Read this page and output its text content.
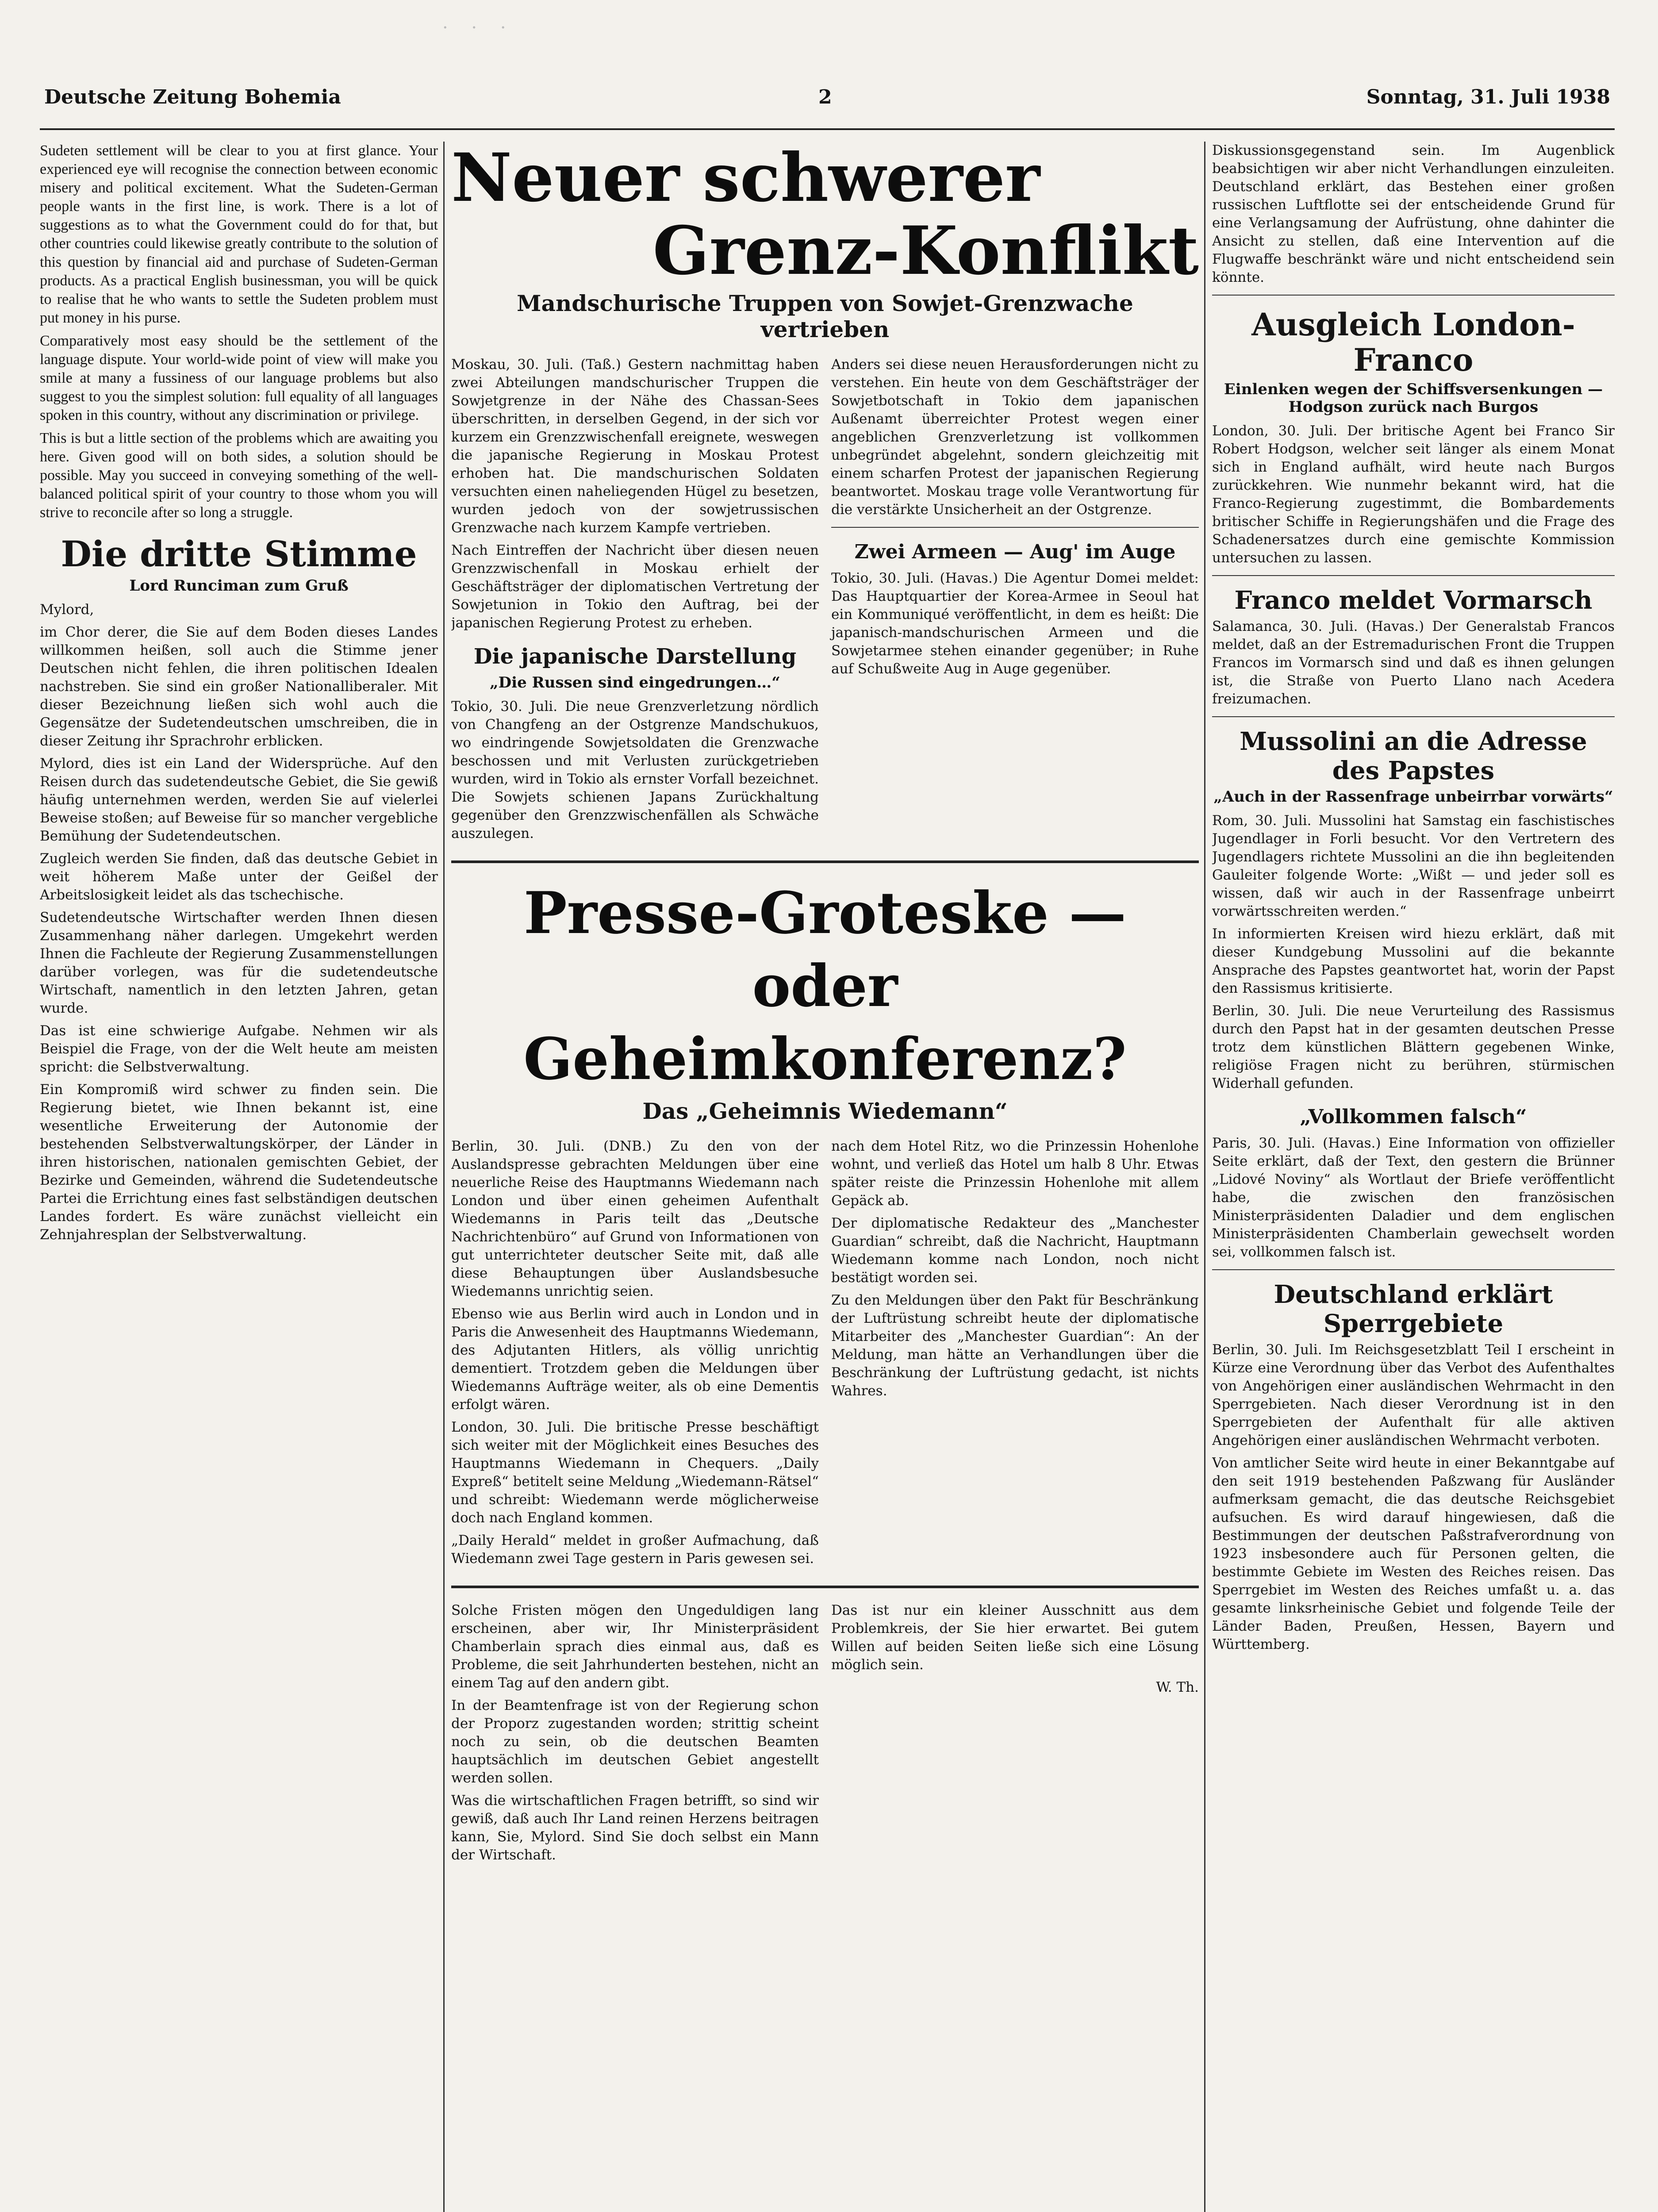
· · ·
Deutsche Zeitung Bohemia	2	Sonntag, 31. Juli 1938

Sudeten settlement will be clear to you at first glance. Your experienced eye will recognise the connection between economic misery and political excitement. What the Sudeten-German people wants in the first line, is work. There is a lot of suggestions as to what the Government could do for that, but other countries could likewise greatly contribute to the solution of this question by financial aid and purchase of Sudeten-German products. As a practical English businessman, you will be quick to realise that he who wants to settle the Sudeten problem must put money in his purse.

Comparatively most easy should be the settlement of the language dispute. Your world-wide point of view will make you smile at many a fussiness of our language problems but also suggest to you the simplest solution: full equality of all languages spoken in this country, without any discrimination or privilege.

This is but a little section of the problems which are awaiting you here. Given good will on both sides, a solution should be possible. May you succeed in conveying something of the well-balanced political spirit of your country to those whom you will strive to reconcile after so long a struggle.

Die dritte Stimme
Lord Runciman zum Gruß

Mylord,

im Chor derer, die Sie auf dem Boden dieses Landes willkommen heißen, soll auch die Stimme jener Deutschen nicht fehlen, die ihren politischen Idealen nachstreben. Sie sind ein großer Nationalliberaler. Mit dieser Bezeichnung ließen sich wohl auch die Gegensätze der Sudetendeutschen umschreiben, die in dieser Zeitung ihr Sprachrohr erblicken.

Mylord, dies ist ein Land der Widersprüche. Auf den Reisen durch das sudetendeutsche Gebiet, die Sie gewiß häufig unternehmen werden, werden Sie auf vielerlei Beweise stoßen; auf Beweise für so mancher vergebliche Bemühung der Sudetendeutschen.

Zugleich werden Sie finden, daß das deutsche Gebiet in weit höherem Maße unter der Geißel der Arbeitslosigkeit leidet als das tschechische.

Sudetendeutsche Wirtschafter werden Ihnen diesen Zusammenhang näher darlegen. Umgekehrt werden Ihnen die Fachleute der Regierung Zusammenstellungen darüber vorlegen, was für die sudetendeutsche Wirtschaft, namentlich in den letzten Jahren, getan wurde.

Das ist eine schwierige Aufgabe. Nehmen wir als Beispiel die Frage, von der die Welt heute am meisten spricht: die Selbstverwaltung.

Ein Kompromiß wird schwer zu finden sein. Die Regierung bietet, wie Ihnen bekannt ist, eine wesentliche Erweiterung der Autonomie der bestehenden Selbstverwaltungskörper, der Länder in ihren historischen, nationalen gemischten Gebiet, der Bezirke und Gemeinden, während die Sudetendeutsche Partei die Errichtung eines fast selbständigen deutschen Landes fordert. Es wäre zunächst vielleicht ein Zehnjahresplan der Selbstverwaltung.

Neuer schwerer
Grenz-Konflikt
Mandschurische Truppen von Sowjet-Grenzwache vertrieben

Moskau, 30. Juli. (Taß.) Gestern nachmittag haben zwei Abteilungen mandschurischer Truppen die Sowjetgrenze in der Nähe des Chassan-Sees überschritten, in derselben Gegend, in der sich vor kurzem ein Grenzzwischenfall ereignete, weswegen die japanische Regierung in Moskau Protest erhoben hat. Die mandschurischen Soldaten versuchten einen naheliegenden Hügel zu besetzen, wurden jedoch von der sowjetrussischen Grenzwache nach kurzem Kampfe vertrieben.

Nach Eintreffen der Nachricht über diesen neuen Grenzzwischenfall in Moskau erhielt der Geschäftsträger der diplomatischen Vertretung der Sowjetunion in Tokio den Auftrag, bei der japanischen Regierung Protest zu erheben.

Die japanische Darstellung
„Die Russen sind eingedrungen…“

Tokio, 30. Juli. Die neue Grenzverletzung nördlich von Changfeng an der Ostgrenze Mandschukuos, wo eindringende Sowjetsoldaten die Grenzwache beschossen und mit Verlusten zurückgetrieben wurden, wird in Tokio als ernster Vorfall bezeichnet. Die Sowjets schienen Japans Zurückhaltung gegenüber den Grenzzwischenfällen als Schwäche auszulegen.

Anders sei diese neuen Herausforderungen nicht zu verstehen. Ein heute von dem Geschäftsträger der Sowjetbotschaft in Tokio dem japanischen Außenamt überreichter Protest wegen einer angeblichen Grenzverletzung ist vollkommen unbegründet abgelehnt, sondern gleichzeitig mit einem scharfen Protest der japanischen Regierung beantwortet. Moskau trage volle Verantwortung für die verstärkte Unsicherheit an der Ostgrenze.

Zwei Armeen — Aug' im Auge

Tokio, 30. Juli. (Havas.) Die Agentur Domei meldet: Das Hauptquartier der Korea-Armee in Seoul hat ein Kommuniqué veröffentlicht, in dem es heißt: Die japanisch-mandschurischen Armeen und die Sowjetarmee stehen einander gegenüber; in Ruhe auf Schußweite Aug in Auge gegenüber.

Presse-Groteske —
oder Geheimkonferenz?
Das „Geheimnis Wiedemann“

Berlin, 30. Juli. (DNB.) Zu den von der Auslandspresse gebrachten Meldungen über eine neuerliche Reise des Hauptmanns Wiedemann nach London und über einen geheimen Aufenthalt Wiedemanns in Paris teilt das „Deutsche Nachrichtenbüro“ auf Grund von Informationen von gut unterrichteter deutscher Seite mit, daß alle diese Behauptungen über Auslandsbesuche Wiedemanns unrichtig seien.

Ebenso wie aus Berlin wird auch in London und in Paris die Anwesenheit des Hauptmanns Wiedemann, des Adjutanten Hitlers, als völlig unrichtig dementiert. Trotzdem geben die Meldungen über Wiedemanns Aufträge weiter, als ob eine Dementis erfolgt wären.

London, 30. Juli. Die britische Presse beschäftigt sich weiter mit der Möglichkeit eines Besuches des Hauptmanns Wiedemann in Chequers. „Daily Expreß“ betitelt seine Meldung „Wiedemann-Rätsel“ und schreibt: Wiedemann werde möglicherweise doch nach England kommen.

„Daily Herald“ meldet in großer Aufmachung, daß Wiedemann zwei Tage gestern in Paris gewesen sei.

nach dem Hotel Ritz, wo die Prinzessin Hohenlohe wohnt, und verließ das Hotel um halb 8 Uhr. Etwas später reiste die Prinzessin Hohenlohe mit allem Gepäck ab.

Der diplomatische Redakteur des „Manchester Guardian“ schreibt, daß die Nachricht, Hauptmann Wiedemann komme nach London, noch nicht bestätigt worden sei.

Zu den Meldungen über den Pakt für Beschränkung der Luftrüstung schreibt heute der diplomatische Mitarbeiter des „Manchester Guardian“: An der Meldung, man hätte an Verhandlungen über die Beschränkung der Luftrüstung gedacht, ist nichts Wahres.

Solche Fristen mögen den Ungeduldigen lang erscheinen, aber wir, Ihr Ministerpräsident Chamberlain sprach dies einmal aus, daß es Probleme, die seit Jahrhunderten bestehen, nicht an einem Tag auf den andern gibt.

In der Beamtenfrage ist von der Regierung schon der Proporz zugestanden worden; strittig scheint noch zu sein, ob die deutschen Beamten hauptsächlich im deutschen Gebiet angestellt werden sollen.

Was die wirtschaftlichen Fragen betrifft, so sind wir gewiß, daß auch Ihr Land reinen Herzens beitragen kann, Sie, Mylord. Sind Sie doch selbst ein Mann der Wirtschaft.

Das ist nur ein kleiner Ausschnitt aus dem Problemkreis, der Sie hier erwartet. Bei gutem Willen auf beiden Seiten ließe sich eine Lösung möglich sein.

W. Th.

Diskussionsgegenstand sein. Im Augenblick beabsichtigen wir aber nicht Verhandlungen einzuleiten. Deutschland erklärt, das Bestehen einer großen russischen Luftflotte sei der entscheidende Grund für eine Verlangsamung der Aufrüstung, ohne dahinter die Ansicht zu stellen, daß eine Intervention auf die Flugwaffe beschränkt wäre und nicht entscheidend sein könnte.

Ausgleich London-Franco
Einlenken wegen der Schiffsversenkungen — Hodgson zurück nach Burgos

London, 30. Juli. Der britische Agent bei Franco Sir Robert Hodgson, welcher seit länger als einem Monat sich in England aufhält, wird heute nach Burgos zurückkehren. Wie nunmehr bekannt wird, hat die Franco-Regierung zugestimmt, die Bombardements britischer Schiffe in Regierungshäfen und die Frage des Schadenersatzes durch eine gemischte Kommission untersuchen zu lassen.

Franco meldet Vormarsch

Salamanca, 30. Juli. (Havas.) Der Generalstab Francos meldet, daß an der Estremadurischen Front die Truppen Francos im Vormarsch sind und daß es ihnen gelungen ist, die Straße von Puerto Llano nach Acedera freizumachen.

Mussolini an die Adresse des Papstes
„Auch in der Rassenfrage unbeirrbar vorwärts“

Rom, 30. Juli. Mussolini hat Samstag ein faschistisches Jugendlager in Forli besucht. Vor den Vertretern des Jugendlagers richtete Mussolini an die ihn begleitenden Gauleiter folgende Worte: „Wißt — und jeder soll es wissen, daß wir auch in der Rassenfrage unbeirrt vorwärtsschreiten werden.“

In informierten Kreisen wird hiezu erklärt, daß mit dieser Kundgebung Mussolini auf die bekannte Ansprache des Papstes geantwortet hat, worin der Papst den Rassismus kritisierte.

Berlin, 30. Juli. Die neue Verurteilung des Rassismus durch den Papst hat in der gesamten deutschen Presse trotz dem künstlichen Blättern gegebenen Winke, religiöse Fragen nicht zu berühren, stürmischen Widerhall gefunden.

„Vollkommen falsch“

Paris, 30. Juli. (Havas.) Eine Information von offizieller Seite erklärt, daß der Text, den gestern die Brünner „Lidové Noviny“ als Wortlaut der Briefe veröffentlicht habe, die zwischen den französischen Ministerpräsidenten Daladier und dem englischen Ministerpräsidenten Chamberlain gewechselt worden sei, vollkommen falsch ist.

Deutschland erklärt Sperrgebiete

Berlin, 30. Juli. Im Reichsgesetzblatt Teil I erscheint in Kürze eine Verordnung über das Verbot des Aufenthaltes von Angehörigen einer ausländischen Wehrmacht in den Sperrgebieten. Nach dieser Verordnung ist in den Sperrgebieten der Aufenthalt für alle aktiven Angehörigen einer ausländischen Wehrmacht verboten.

Von amtlicher Seite wird heute in einer Bekanntgabe auf den seit 1919 bestehenden Paßzwang für Ausländer aufmerksam gemacht, die das deutsche Reichsgebiet aufsuchen. Es wird darauf hingewiesen, daß die Bestimmungen der deutschen Paßstrafverordnung von 1923 insbesondere auch für Personen gelten, die bestimmte Gebiete im Westen des Reiches reisen. Das Sperrgebiet im Westen des Reiches umfaßt u. a. das gesamte linksrheinische Gebiet und folgende Teile der Länder Baden, Preußen, Hessen, Bayern und Württemberg.
